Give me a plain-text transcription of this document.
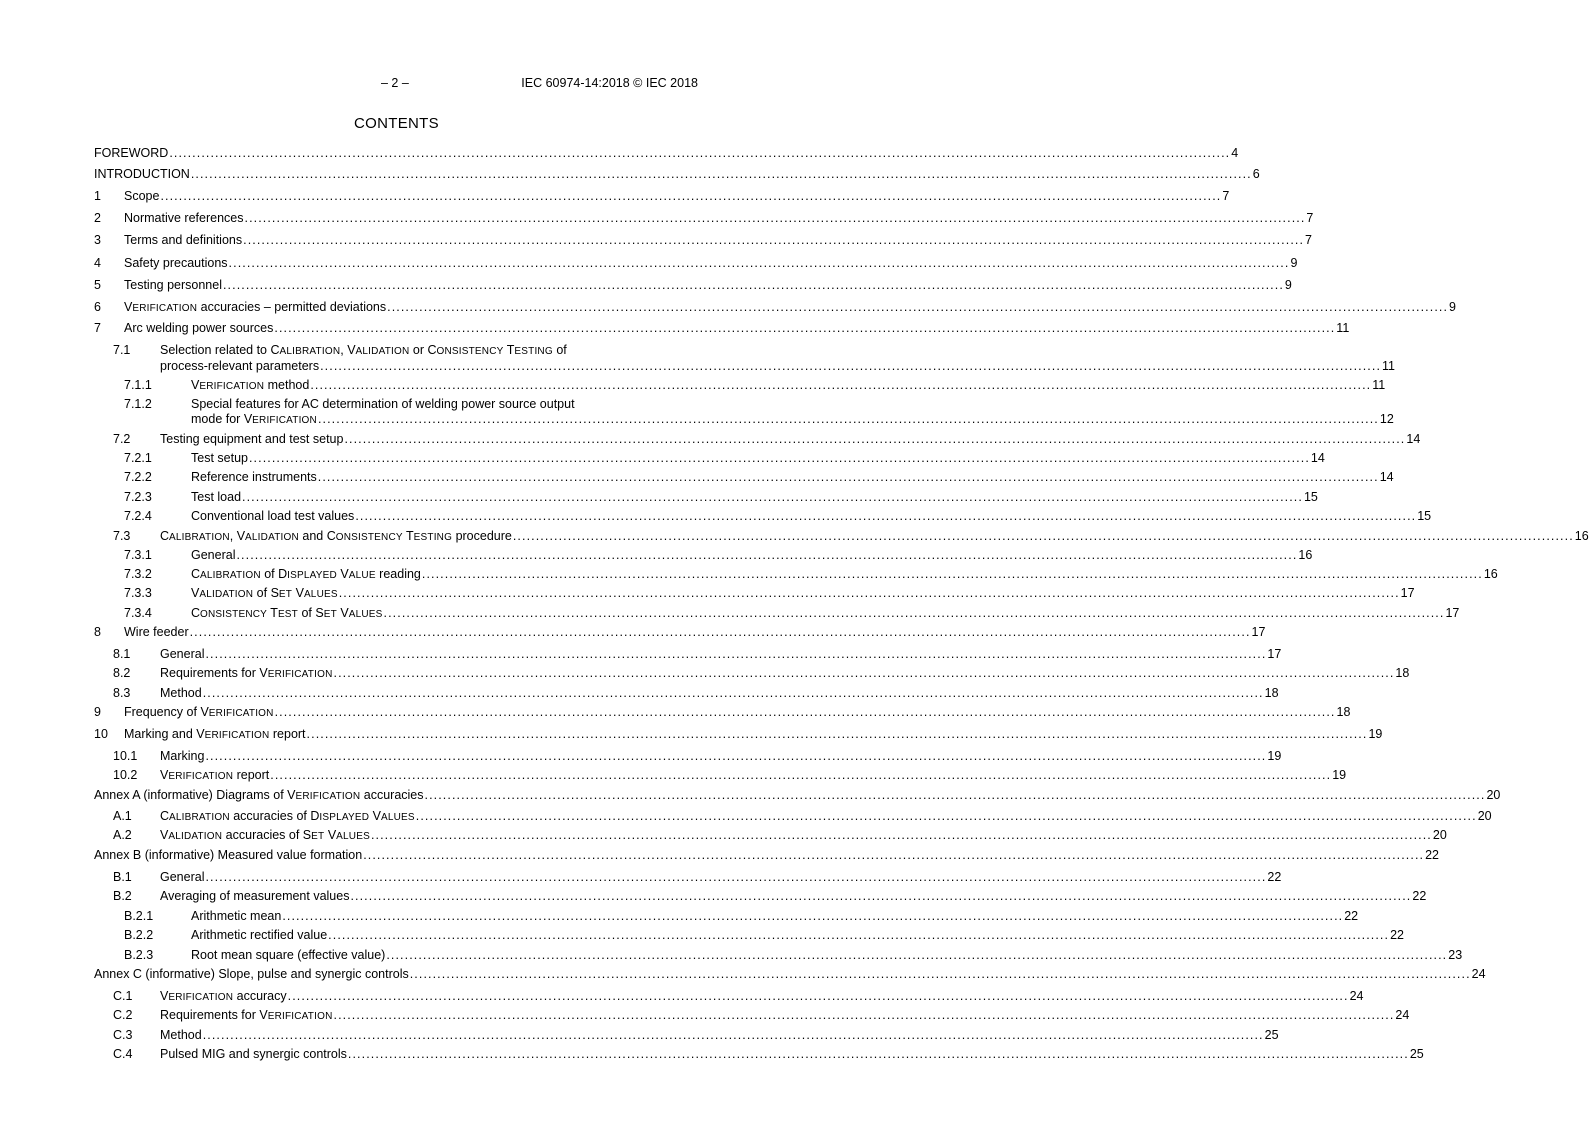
– 2 –	IEC 60974-14:2018 © IEC 2018
CONTENTS
FOREWORD .....	4
INTRODUCTION .....	6
1	Scope .....	7
2	Normative references .....	7
3	Terms and definitions .....	7
4	Safety precautions .....	9
5	Testing personnel .....	9
6	VERIFICATION accuracies – permitted deviations .....	9
7	Arc welding power sources .....	11
7.1	Selection related to CALIBRATION, VALIDATION or CONSISTENCY TESTING of
process-relevant parameters .....	11
7.1.1	VERIFICATION method .....	11
7.1.2	Special features for AC determination of welding power source output
mode for VERIFICATION .....	12
7.2	Testing equipment and test setup .....	14
7.2.1	Test setup .....	14
7.2.2	Reference instruments .....	14
7.2.3	Test load .....	15
7.2.4	Conventional load test values .....	15
7.3	CALIBRATION, VALIDATION and CONSISTENCY TESTING procedure .....	16
7.3.1	General .....	16
7.3.2	CALIBRATION of DISPLAYED VALUE reading .....	16
7.3.3	VALIDATION of SET VALUES .....	17
7.3.4	CONSISTENCY TEST of SET VALUES .....	17
8	Wire feeder .....	17
8.1	General .....	17
8.2	Requirements for VERIFICATION .....	18
8.3	Method .....	18
9	Frequency of VERIFICATION .....	18
10	Marking and VERIFICATION report .....	19
10.1	Marking .....	19
10.2	VERIFICATION report .....	19
Annex A (informative) Diagrams of VERIFICATION accuracies .....	20
A.1	CALIBRATION accuracies of DISPLAYED VALUES .....	20
A.2	VALIDATION accuracies of SET VALUES .....	20
Annex B (informative) Measured value formation .....	22
B.1	General .....	22
B.2	Averaging of measurement values .....	22
B.2.1	Arithmetic mean .....	22
B.2.2	Arithmetic rectified value .....	22
B.2.3	Root mean square (effective value) .....	23
Annex C (informative) Slope, pulse and synergic controls .....	24
C.1	VERIFICATION accuracy .....	24
C.2	Requirements for VERIFICATION .....	24
C.3	Method .....	25
C.4	Pulsed MIG and synergic controls .....	25
